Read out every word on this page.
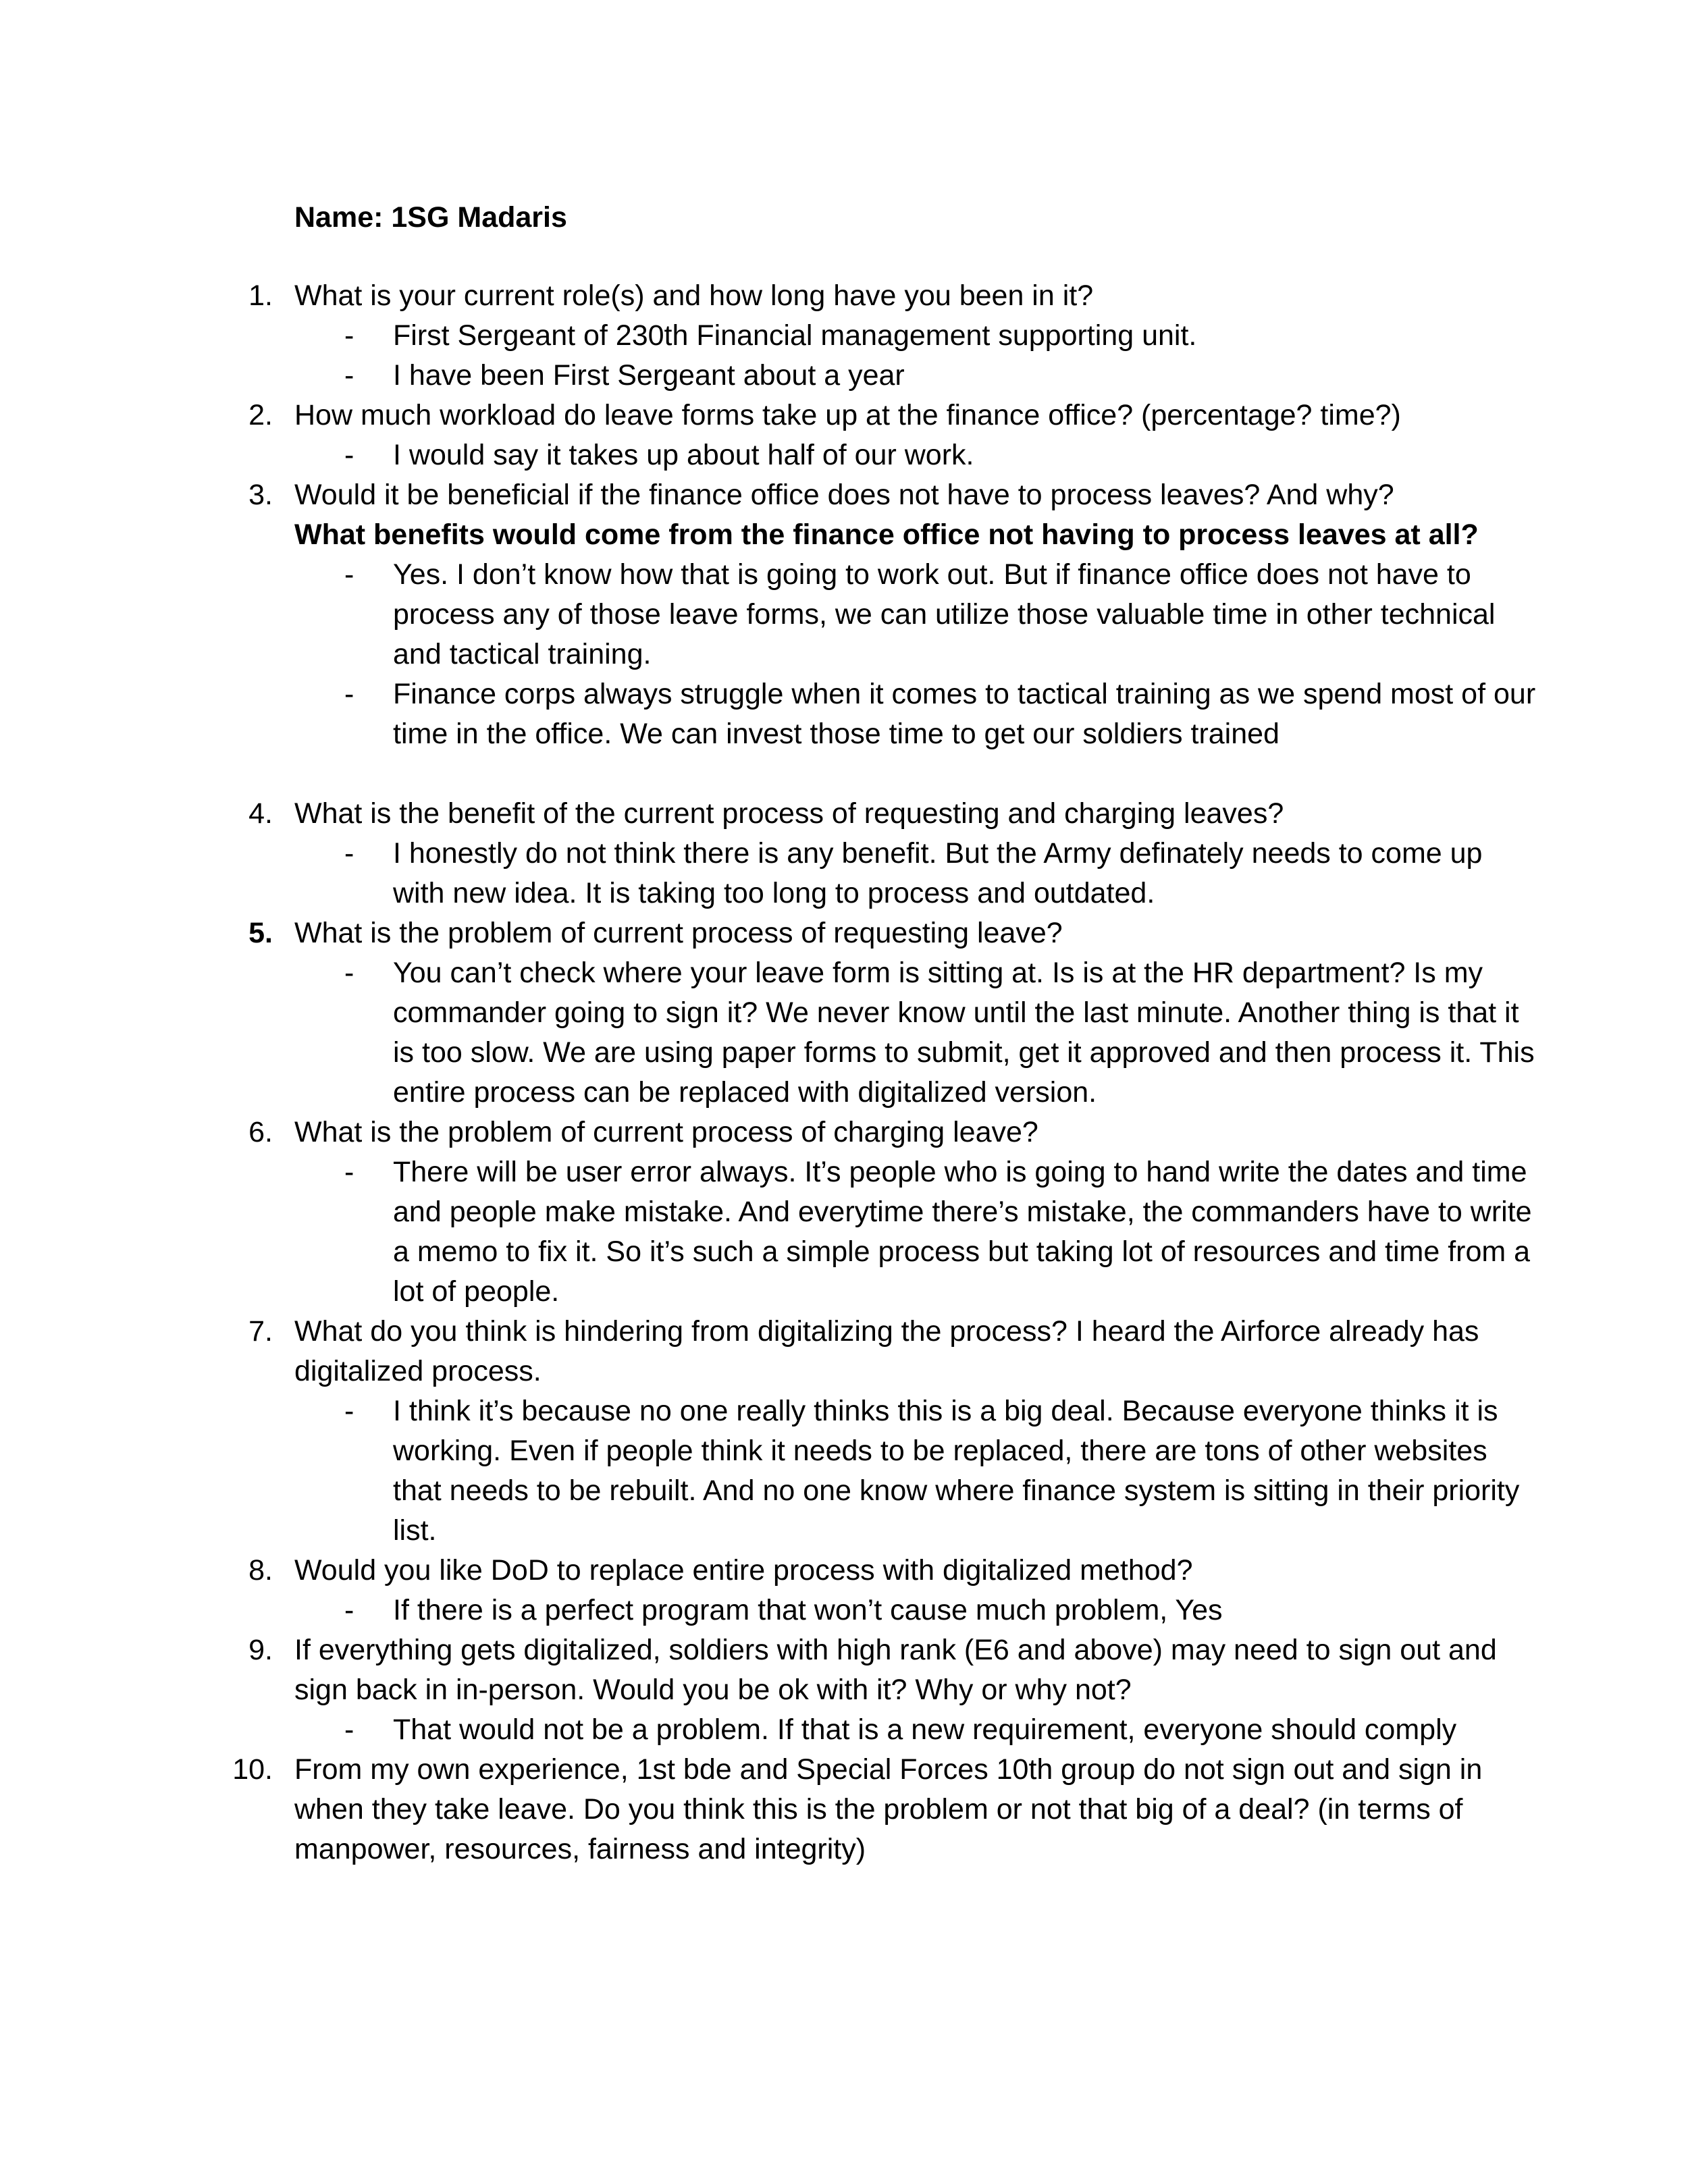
Name: 1SG Madaris
1. What is your current role(s) and how long have you been in it?
- First Sergeant of 230th Financial management supporting unit.
- I have been First Sergeant about a year
2. How much workload do leave forms take up at the finance office? (percentage? time?)
- I would say it takes up about half of our work.
3. Would it be beneficial if the finance office does not have to process leaves? And why?
What benefits would come from the finance office not having to process leaves at all?
- Yes. I don’t know how that is going to work out. But if finance office does not have to process any of those leave forms, we can utilize those valuable time in other technical and tactical training.
- Finance corps always struggle when it comes to tactical training as we spend most of our time in the office. We can invest those time to get our soldiers trained
4. What is the benefit of the current process of requesting and charging leaves?
- I honestly do not think there is any benefit. But the Army definately needs to come up with new idea. It is taking too long to process and outdated.
5. What is the problem of current process of requesting leave?
- You can’t check where your leave form is sitting at. Is is at the HR department? Is my commander going to sign it? We never know until the last minute. Another thing is that it is too slow. We are using paper forms to submit, get it approved and then process it. This entire process can be replaced with digitalized version.
6. What is the problem of current process of charging leave?
- There will be user error always. It’s people who is going to hand write the dates and time and people make mistake. And everytime there’s mistake, the commanders have to write a memo to fix it. So it’s such a simple process but taking lot of resources and time from a lot of people.
7. What do you think is hindering from digitalizing the process? I heard the Airforce already has digitalized process.
- I think it’s because no one really thinks this is a big deal. Because everyone thinks it is working. Even if people think it needs to be replaced, there are tons of other websites that needs to be rebuilt. And no one know where finance system is sitting in their priority list.
8. Would you like DoD to replace entire process with digitalized method?
- If there is a perfect program that won’t cause much problem, Yes
9. If everything gets digitalized, soldiers with high rank (E6 and above) may need to sign out and sign back in in-person. Would you be ok with it? Why or why not?
- That would not be a problem. If that is a new requirement, everyone should comply
10. From my own experience, 1st bde and Special Forces 10th group do not sign out and sign in when they take leave. Do you think this is the problem or not that big of a deal? (in terms of manpower, resources, fairness and integrity)
